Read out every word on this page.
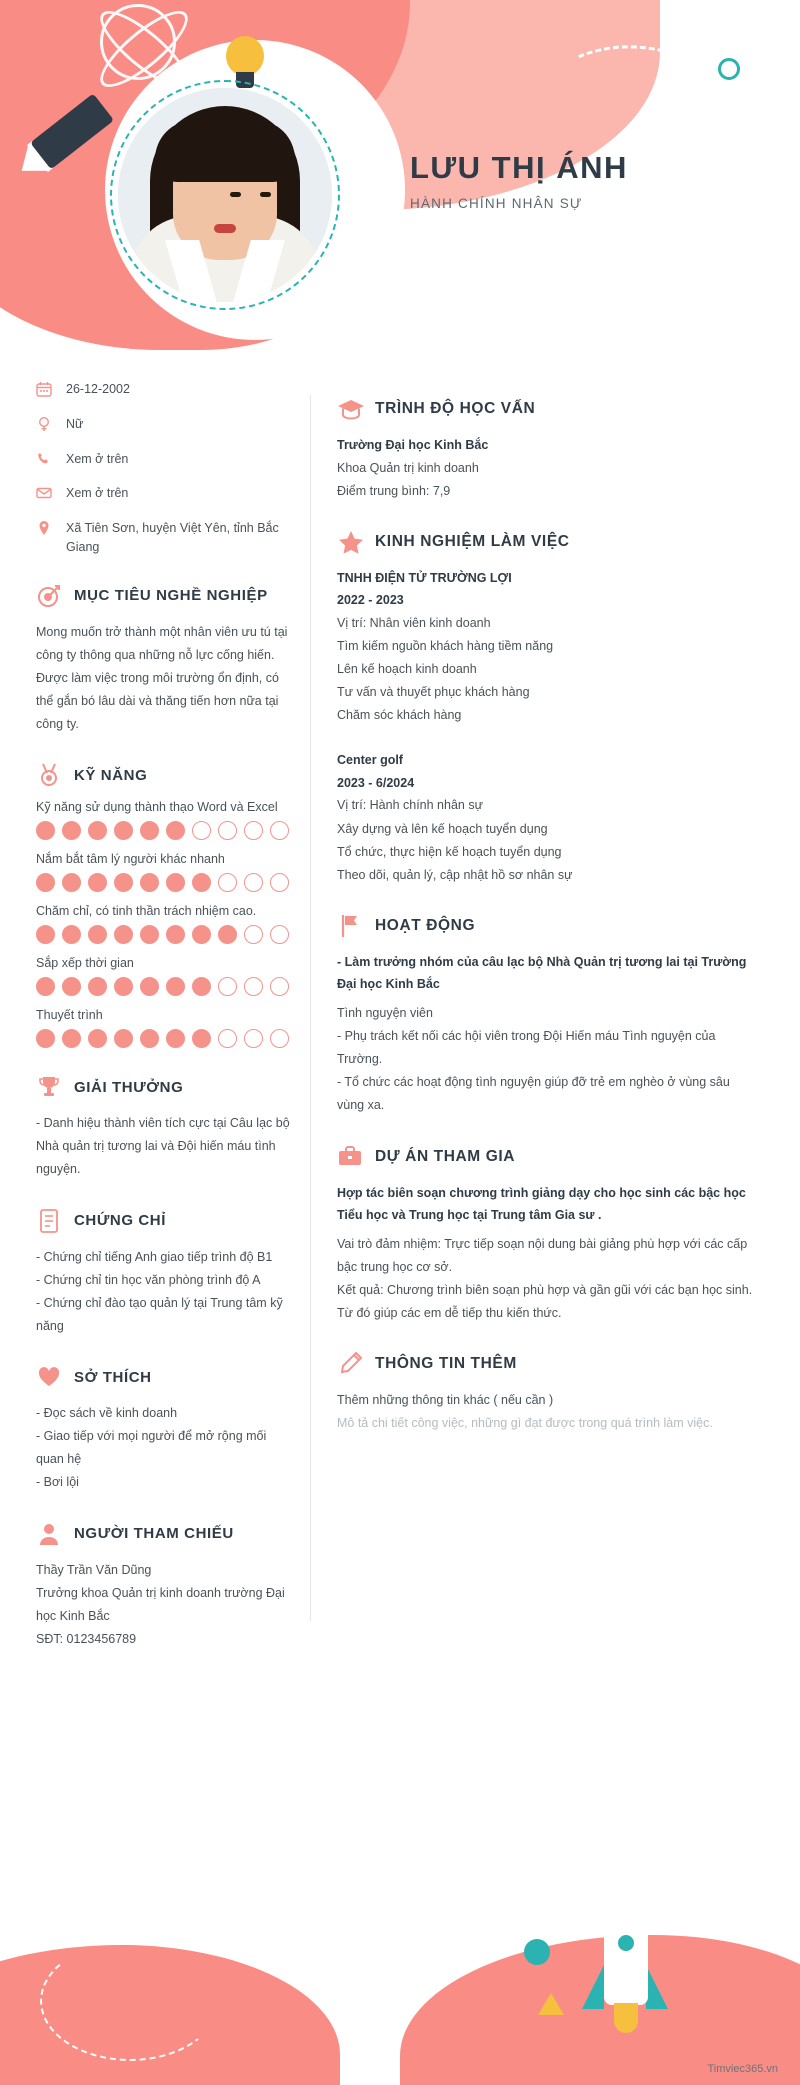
LƯU THỊ ÁNH
HÀNH CHÍNH NHÂN SỰ
26-12-2002
Nữ
Xem ở trên
Xem ở trên
Xã Tiên Sơn, huyện Việt Yên, tỉnh Bắc Giang
MỤC TIÊU NGHỀ NGHIỆP

Mong muốn trở thành một nhân viên ưu tú tại công ty thông qua những nỗ lực cống hiến. Được làm việc trong môi trường ổn định, có thể gắn bó lâu dài và thăng tiến hơn nữa tại công ty.

KỸ NĂNG
Kỹ năng sử dụng thành thạo Word và Excel
Nắm bắt tâm lý người khác nhanh
Chăm chỉ, có tinh thần trách nhiệm cao.
Sắp xếp thời gian
Thuyết trình
GIẢI THƯỞNG

- Danh hiệu thành viên tích cực tại Câu lạc bộ Nhà quản trị tương lai và Đội hiến máu tình nguyện.

CHỨNG CHỈ

- Chứng chỉ tiếng Anh giao tiếp trình độ B1

- Chứng chỉ tin học văn phòng trình độ A

- Chứng chỉ đào tạo quản lý tại Trung tâm kỹ năng

SỞ THÍCH

- Đọc sách về kinh doanh

- Giao tiếp với mọi người để mở rộng mối quan hệ

- Bơi lội

NGƯỜI THAM CHIẾU

Thầy Trần Văn Dũng

Trưởng khoa Quản trị kinh doanh trường Đại học Kinh Bắc

SĐT: 0123456789

TRÌNH ĐỘ HỌC VẤN
Trường Đại học Kinh Bắc
Khoa Quản trị kinh doanh
Điểm trung bình: 7,9
KINH NGHIỆM LÀM VIỆC
TNHH ĐIỆN TỬ TRƯỜNG LỢI
2022 - 2023
Vị trí: Nhân viên kinh doanh
Tìm kiếm nguồn khách hàng tiềm năng
Lên kế hoạch kinh doanh
Tư vấn và thuyết phục khách hàng
Chăm sóc khách hàng
Center golf
2023 - 6/2024
Vị trí: Hành chính nhân sự
Xây dựng và lên kế hoạch tuyển dụng
Tổ chức, thực hiện kế hoạch tuyển dụng
Theo dõi, quản lý, cập nhật hồ sơ nhân sự
HOẠT ĐỘNG
- Làm trưởng nhóm của câu lạc bộ Nhà Quản trị tương lai tại Trường Đại học Kinh Bắc
Tình nguyện viên
- Phụ trách kết nối các hội viên trong Đội Hiến máu Tình nguyện của Trường.
- Tổ chức các hoạt động tình nguyện giúp đỡ trẻ em nghèo ở vùng sâu vùng xa.
DỰ ÁN THAM GIA
Hợp tác biên soạn chương trình giảng dạy cho học sinh các bậc học Tiểu học và Trung học tại Trung tâm Gia sư .
Vai trò đảm nhiệm: Trực tiếp soạn nội dung bài giảng phù hợp với các cấp bậc trung học cơ sở.
Kết quả: Chương trình biên soạn phù hợp và gần gũi với các bạn học sinh. Từ đó giúp các em dễ tiếp thu kiến thức.
THÔNG TIN THÊM
Thêm những thông tin khác ( nếu cần )
Mô tả chi tiết công việc, những gì đạt được trong quá trình làm việc.
Timviec365.vn
